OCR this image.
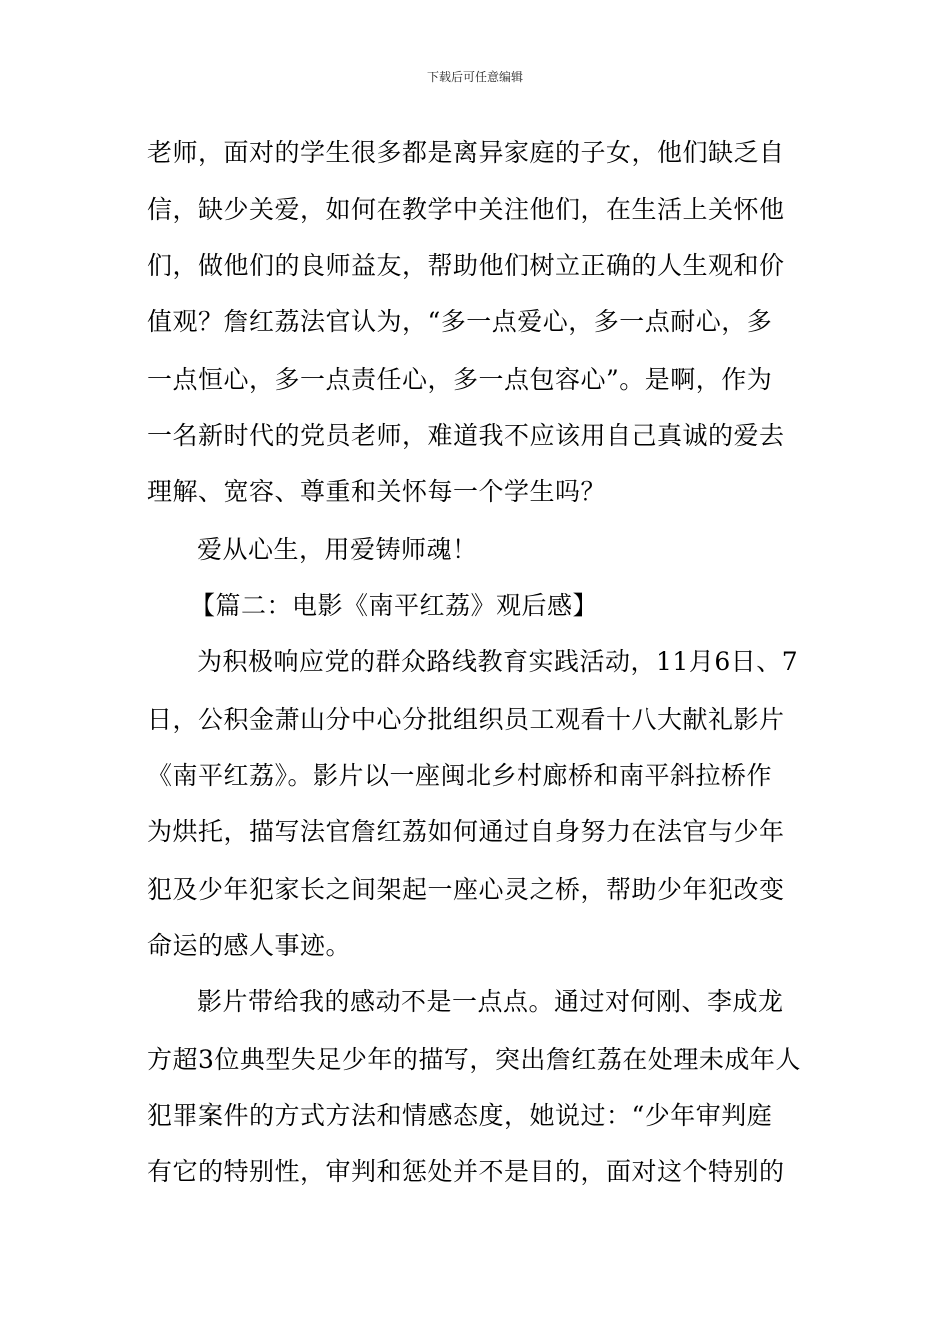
下载后可任意编辑
老师，面对的学生很多都是离异家庭的子女，他们缺乏自
信，缺少关爱，如何在教学中关注他们，在生活上关怀他
们，做他们的良师益友，帮助他们树立正确的人生观和价
值观？詹红荔法官认为，“多一点爱心，多一点耐心，多
一点恒心，多一点责任心，多一点包容心”。是啊，作为
一名新时代的党员老师，难道我不应该用自己真诚的爱去
理解、宽容、尊重和关怀每一个学生吗？
爱从心生，用爱铸师魂！
【篇二：电影《南平红荔》观后感】
为积极响应党的群众路线教育实践活动，11月6日、7
日，公积金萧山分中心分批组织员工观看十八大献礼影片
《南平红荔》。影片以一座闽北乡村廊桥和南平斜拉桥作
为烘托，描写法官詹红荔如何通过自身努力在法官与少年
犯及少年犯家长之间架起一座心灵之桥，帮助少年犯改变
命运的感人事迹。
影片带给我的感动不是一点点。通过对何刚、李成龙
方超3位典型失足少年的描写，突出詹红荔在处理未成年人
犯罪案件的方式方法和情感态度，她说过：“少年审判庭
有它的特别性，审判和惩处并不是目的，面对这个特别的
